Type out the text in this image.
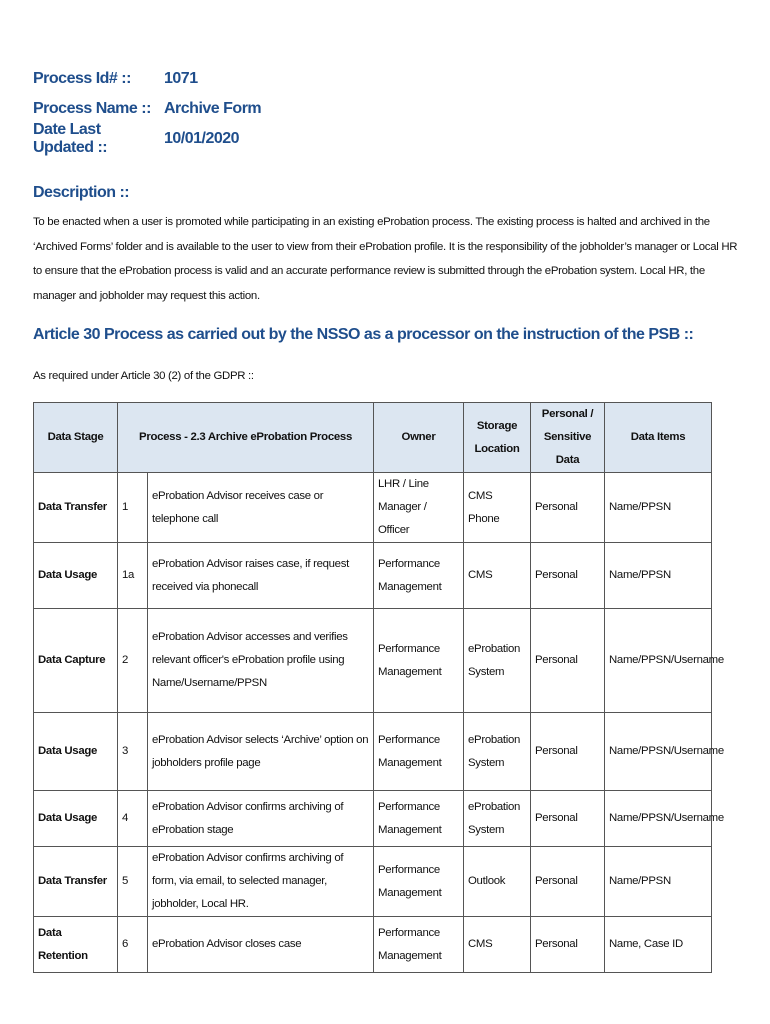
Process Id# ::	1071
Process Name :: Archive Form
Date Last Updated ::
10/01/2020
Description ::
To be enacted when a user is promoted while participating in an existing eProbation process. The existing process is halted and archived in the ‘Archived Forms’ folder and is available to the user to view from their eProbation profile. It is the responsibility of the jobholder’s manager or Local HR to ensure that the eProbation process is valid and an accurate performance review is submitted through the eProbation system. Local HR, the manager and jobholder may request this action.
Article 30 Process as carried out by the NSSO as a processor on the instruction of the PSB ::
As required under Article 30 (2) of the GDPR ::
Data Stage	Process - 2.3 Archive eProbation Process		Owner	Storage Location	Personal / Sensitive Data	Data Items
Data Transfer	1	eProbation Advisor receives case or telephone call	LHR / Line Manager / Officer	CMS Phone	Personal	Name/PPSN
Data Usage	1a	eProbation Advisor raises case, if request received via phonecall	Performance Management	CMS	Personal	Name/PPSN
Data Capture	2	eProbation Advisor accesses and verifies relevant officer's eProbation profile using Name/Username/PPSN	Performance Management	eProbation System	Personal	Name/PPSN/Username
Data Usage	3	eProbation Advisor selects ‘Archive’ option on jobholders profile page	Performance Management	eProbation System	Personal	Name/PPSN/Username
Data Usage	4	eProbation Advisor confirms archiving of eProbation stage	Performance Management	eProbation System	Personal	Name/PPSN/Username
Data Transfer	5	eProbation Advisor confirms archiving of form, via email, to selected manager, jobholder, Local HR.	Performance Management	Outlook	Personal	Name/PPSN
Data Retention	6	eProbation Advisor closes case	Performance Management	CMS	Personal	Name, Case ID
